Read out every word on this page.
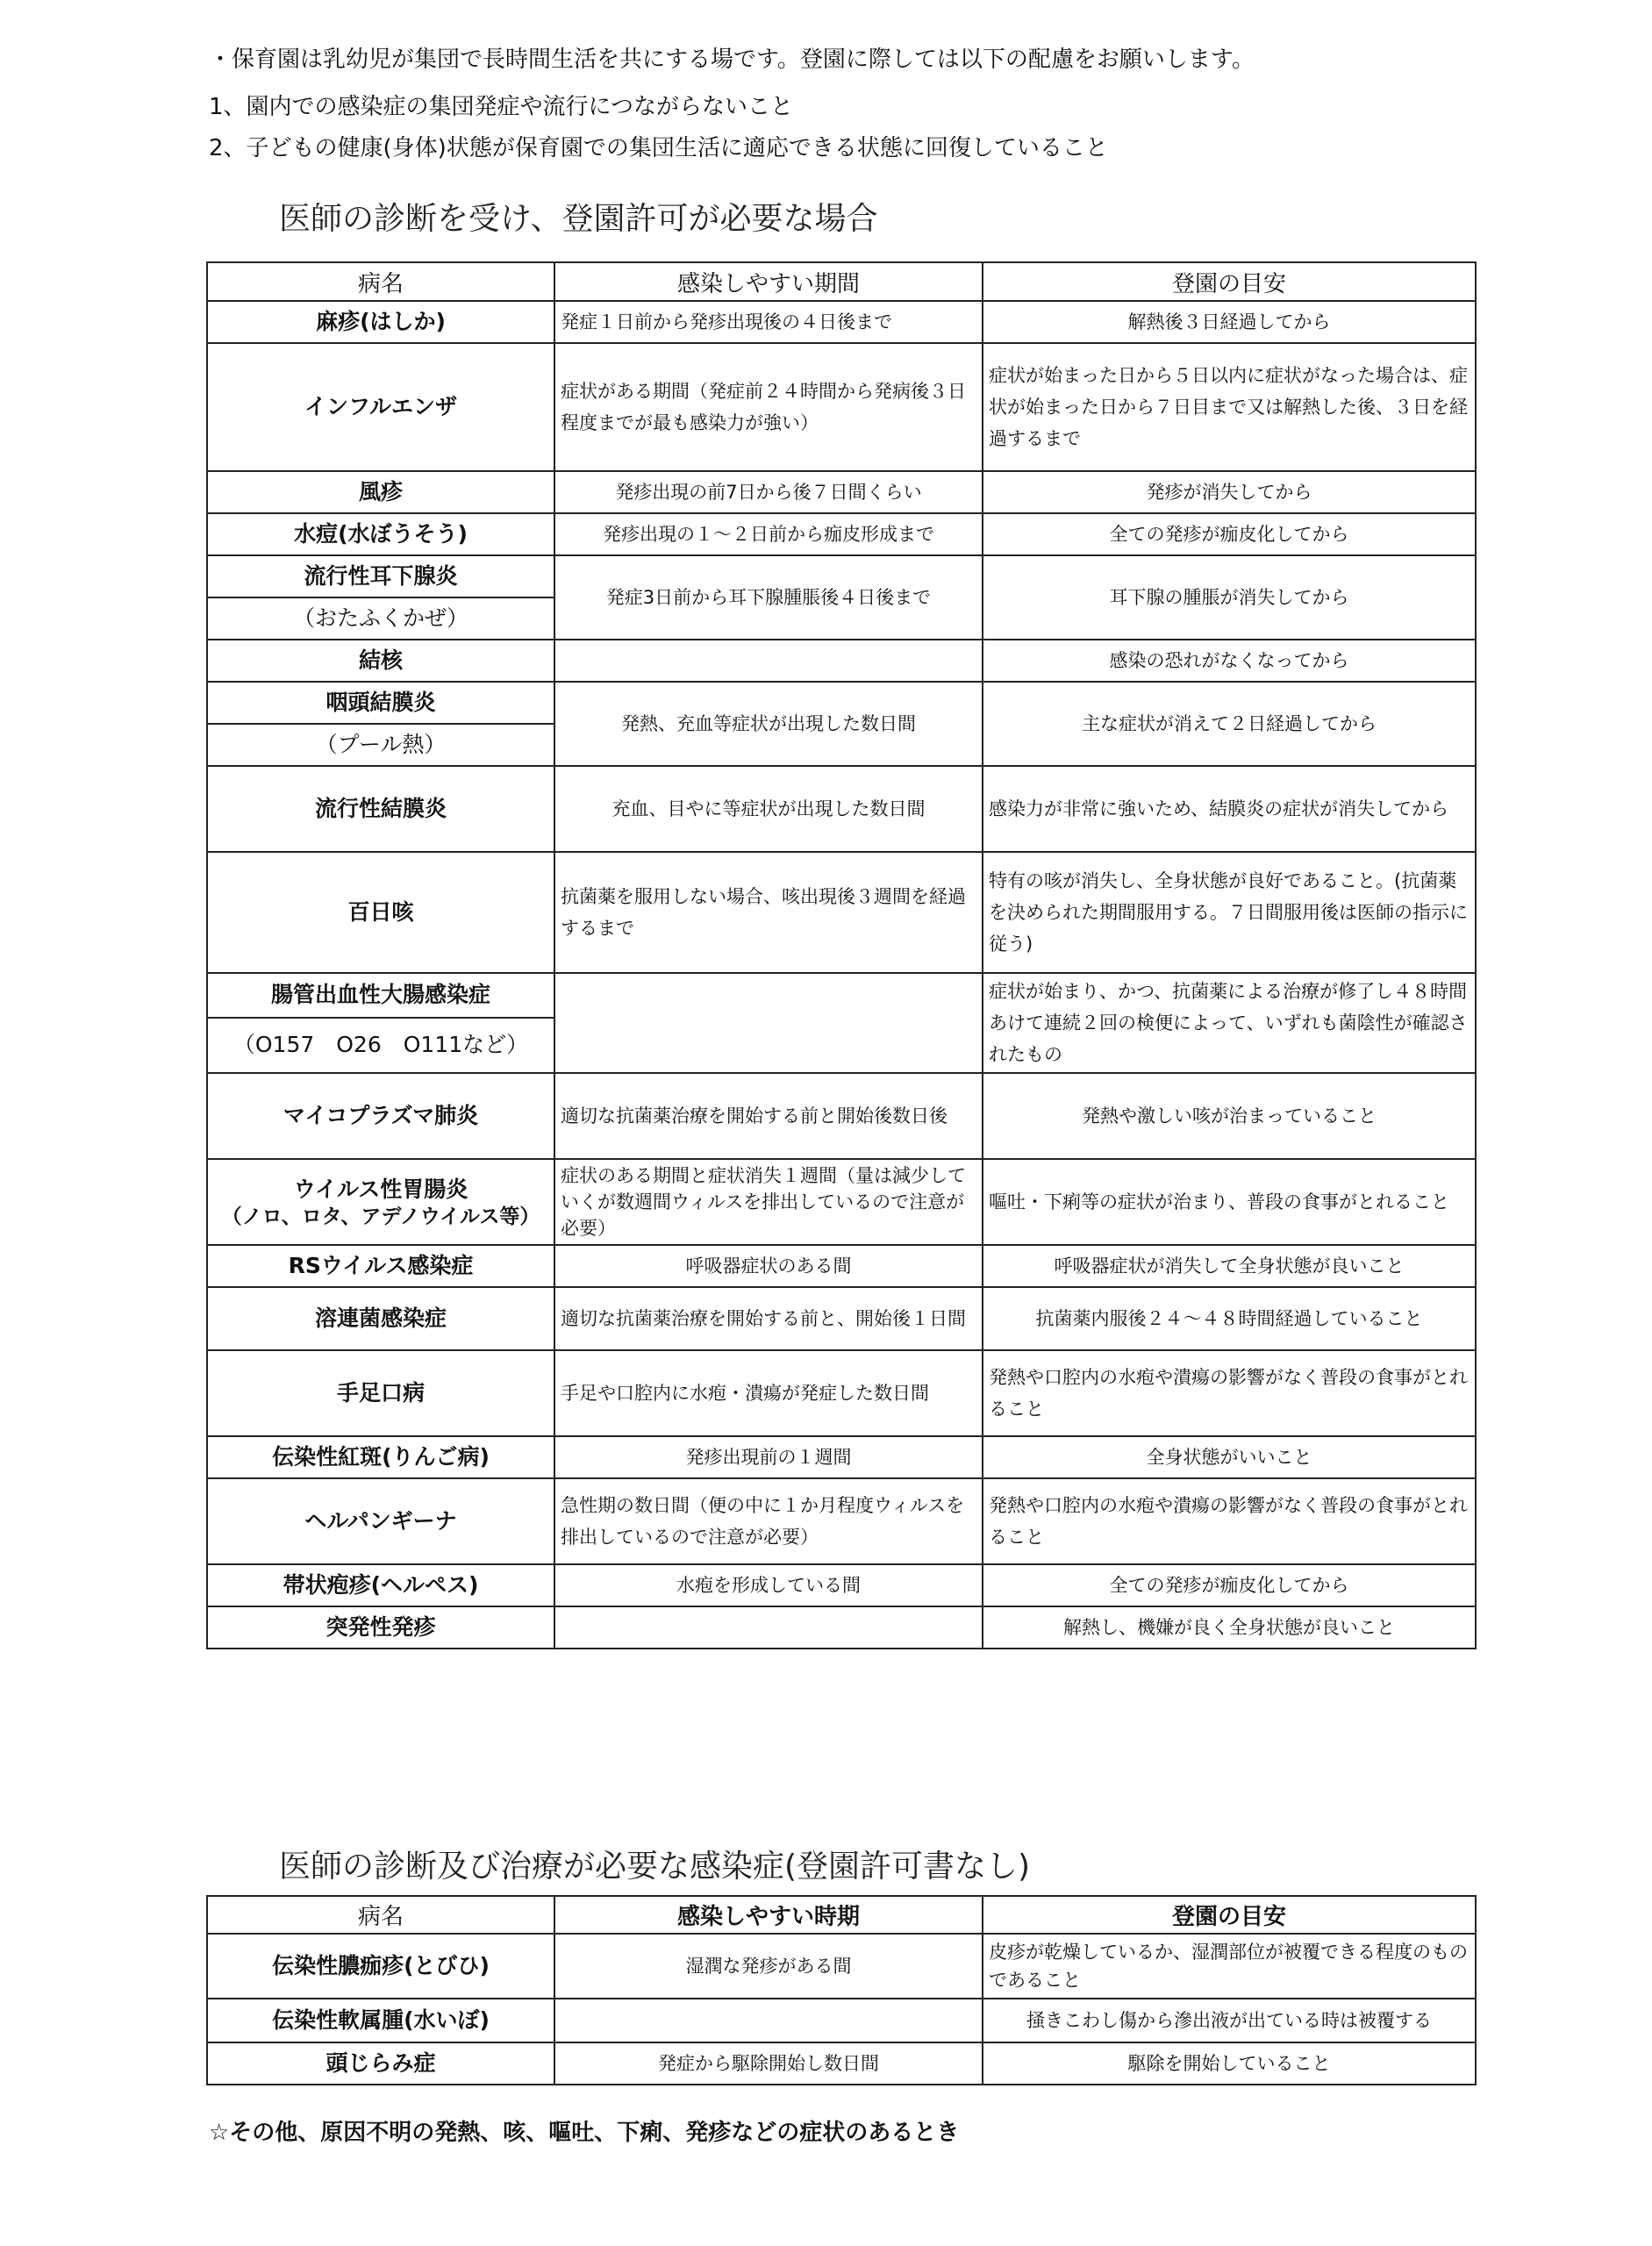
・保育園は乳幼児が集団で長時間生活を共にする場です。登園に際しては以下の配慮をお願いします。
1、園内での感染症の集団発症や流行につながらないこと
2、子どもの健康(身体)状態が保育園での集団生活に適応できる状態に回復していること
医師の診断を受け、登園許可が必要な場合
病名	感染しやすい期間	登園の目安
麻疹(はしか)	発症１日前から発疹出現後の４日後まで	解熱後３日経過してから
インフルエンザ	症状がある期間（発症前２４時間から発病後３日程度までが最も感染力が強い）	症状が始まった日から５日以内に症状がなった場合は、症状が始まった日から７日目まで又は解熱した後、３日を経過するまで
風疹	発疹出現の前7日から後７日間くらい	発疹が消失してから
水痘(水ぼうそう)	発疹出現の１～２日前から痂皮形成まで	全ての発疹が痂皮化してから
流行性耳下腺炎	発症3日前から耳下腺腫脹後４日後まで	耳下腺の腫脹が消失してから
（おたふくかぜ）		
結核		感染の恐れがなくなってから
咽頭結膜炎	発熱、充血等症状が出現した数日間	主な症状が消えて２日経過してから
（プール熱）		
流行性結膜炎	充血、目やに等症状が出現した数日間	感染力が非常に強いため、結膜炎の症状が消失してから
百日咳	抗菌薬を服用しない場合、咳出現後３週間を経過するまで	特有の咳が消失し、全身状態が良好であること。(抗菌薬を決められた期間服用する。７日間服用後は医師の指示に従う)
腸管出血性大腸感染症		症状が始まり、かつ、抗菌薬による治療が修了し４８時間あけて連続２回の検便によって、いずれも菌陰性が確認されたもの
（O157　O26　O111など）		
マイコプラズマ肺炎	適切な抗菌薬治療を開始する前と開始後数日後	発熱や激しい咳が治まっていること

ウイルス性胃腸炎
（ノロ、ロタ、アデノウイルス等）	症状のある期間と症状消失１週間（量は減少していくが数週間ウィルスを排出しているので注意が必要）	嘔吐・下痢等の症状が治まり、普段の食事がとれること
RSウイルス感染症	呼吸器症状のある間	呼吸器症状が消失して全身状態が良いこと
溶連菌感染症	適切な抗菌薬治療を開始する前と、開始後１日間	抗菌薬内服後２４～４８時間経過していること
手足口病	手足や口腔内に水疱・潰瘍が発症した数日間	発熱や口腔内の水疱や潰瘍の影響がなく普段の食事がとれること
伝染性紅斑(りんご病)	発疹出現前の１週間	全身状態がいいこと
ヘルパンギーナ	急性期の数日間（便の中に１か月程度ウィルスを排出しているので注意が必要）	発熱や口腔内の水疱や潰瘍の影響がなく普段の食事がとれること
帯状疱疹(ヘルペス)	水疱を形成している間	全ての発疹が痂皮化してから
突発性発疹		解熱し、機嫌が良く全身状態が良いこと
医師の診断及び治療が必要な感染症(登園許可書なし)
病名	感染しやすい時期	登園の目安
伝染性膿痂疹(とびひ)	湿潤な発疹がある間	皮疹が乾燥しているか、湿潤部位が被覆できる程度のものであること
伝染性軟属腫(水いぼ)		掻きこわし傷から滲出液が出ている時は被覆する
頭じらみ症	発症から駆除開始し数日間	駆除を開始していること
☆その他、原因不明の発熱、咳、嘔吐、下痢、発疹などの症状のあるとき
